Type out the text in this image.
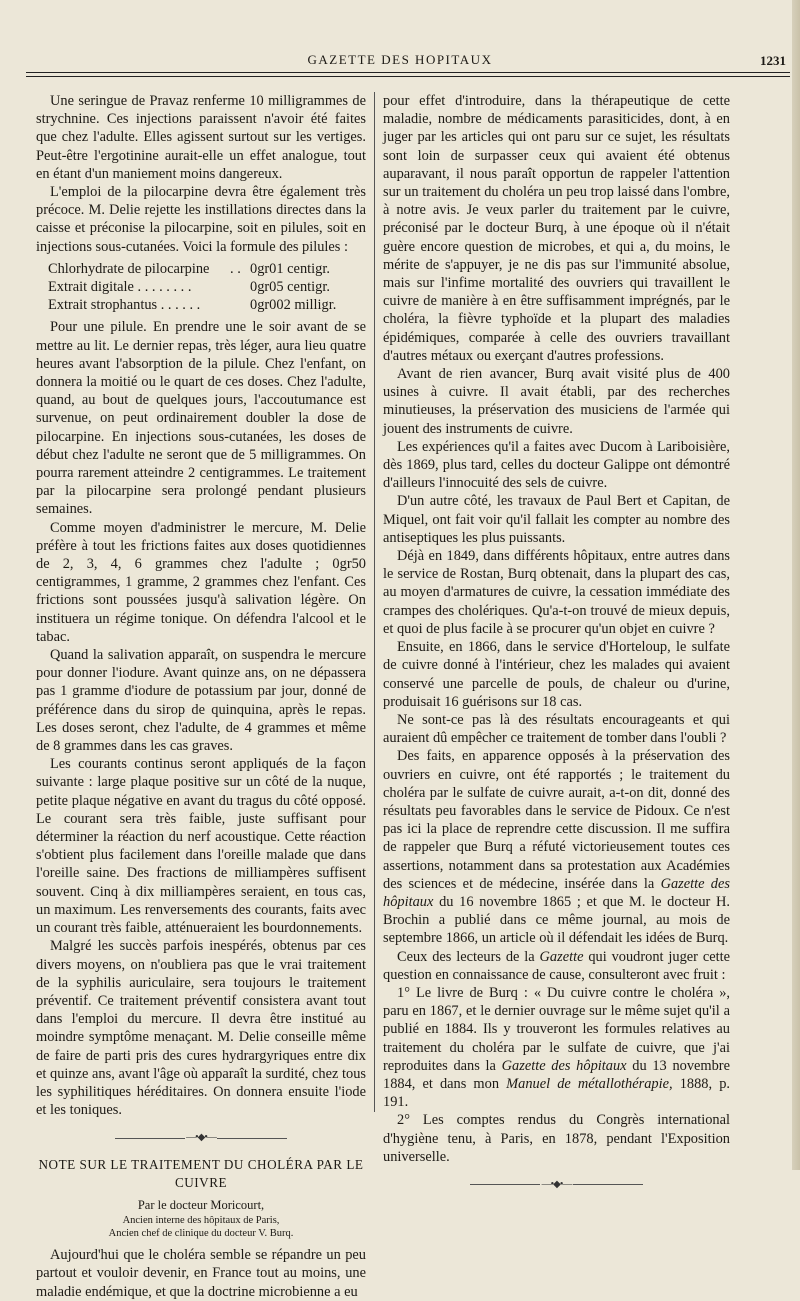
GAZETTE DES HOPITAUX	1231

Une seringue de Pravaz renferme 10 milligrammes de strychnine. Ces injections paraissent n'avoir été faites que chez l'adulte. Elles agissent surtout sur les vertiges. Peut-être l'ergotinine aurait-elle un effet analogue, tout en étant d'un maniement moins dangereux.

L'emploi de la pilocarpine devra être également très précoce. M. Delie rejette les instillations directes dans la caisse et préconise la pilocarpine, soit en pilules, soit en injections sous-cutanées. Voici la formule des pilules :

Chlorhydrate de pilocarpine	. . 0gr01 centigr.
Extrait digitale . . . . . . . .	0gr05 centigr.
Extrait strophantus . . . . . .	0gr002 milligr.

Pour une pilule. En prendre une le soir avant de se mettre au lit. Le dernier repas, très léger, aura lieu quatre heures avant l'absorption de la pilule. Chez l'enfant, on donnera la moitié ou le quart de ces doses. Chez l'adulte, quand, au bout de quelques jours, l'accoutumance est survenue, on peut ordinairement doubler la dose de pilocarpine. En injections sous-cutanées, les doses de début chez l'adulte ne seront que de 5 milligrammes. On pourra rarement atteindre 2 centigrammes. Le traitement par la pilocarpine sera prolongé pendant plusieurs semaines.

Comme moyen d'administrer le mercure, M. Delie préfère à tout les frictions faites aux doses quotidiennes de 2, 3, 4, 6 grammes chez l'adulte ; 0gr50 centigrammes, 1 gramme, 2 grammes chez l'enfant. Ces frictions sont poussées jusqu'à salivation légère. On instituera un régime tonique. On défendra l'alcool et le tabac.

Quand la salivation apparaît, on suspendra le mercure pour donner l'iodure. Avant quinze ans, on ne dépassera pas 1 gramme d'iodure de potassium par jour, donné de préférence dans du sirop de quinquina, après le repas. Les doses seront, chez l'adulte, de 4 grammes et même de 8 grammes dans les cas graves.

Les courants continus seront appliqués de la façon suivante : large plaque positive sur un côté de la nuque, petite plaque négative en avant du tragus du côté opposé. Le courant sera très faible, juste suffisant pour déterminer la réaction du nerf acoustique. Cette réaction s'obtient plus facilement dans l'oreille malade que dans l'oreille saine. Des fractions de milliampères suffisent souvent. Cinq à dix milliampères seraient, en tous cas, un maximum. Les renversements des courants, faits avec un courant très faible, atténueraient les bourdonnements.

Malgré les succès parfois inespérés, obtenus par ces divers moyens, on n'oubliera pas que le vrai traitement de la syphilis auriculaire, sera toujours le traitement préventif. Ce traitement préventif consistera avant tout dans l'emploi du mercure. Il devra être institué au moindre symptôme menaçant. M. Delie conseille même de faire de parti pris des cures hydrargyriques entre dix et quinze ans, avant l'âge où apparaît la surdité, chez tous les syphilitiques héréditaires. On donnera ensuite l'iode et les toniques.

—•◆•—
NOTE SUR LE TRAITEMENT DU CHOLÉRA PAR LE CUIVRE
Par le docteur Moricourt,
Ancien interne des hôpitaux de Paris,
Ancien chef de clinique du docteur V. Burq.

Aujourd'hui que le choléra semble se répandre un peu partout et vouloir devenir, en France tout au moins, une maladie endémique, et que la doctrine microbienne a eu

pour effet d'introduire, dans la thérapeutique de cette maladie, nombre de médicaments parasiticides, dont, à en juger par les articles qui ont paru sur ce sujet, les résultats sont loin de surpasser ceux qui avaient été obtenus auparavant, il nous paraît opportun de rappeler l'attention sur un traitement du choléra un peu trop laissé dans l'ombre, à notre avis. Je veux parler du traitement par le cuivre, préconisé par le docteur Burq, à une époque où il n'était guère encore question de microbes, et qui a, du moins, le mérite de s'appuyer, je ne dis pas sur l'immunité absolue, mais sur l'infime mortalité des ouvriers qui travaillent le cuivre de manière à en être suffisamment imprégnés, par le choléra, la fièvre typhoïde et la plupart des maladies épidémiques, comparée à celle des ouvriers travaillant d'autres métaux ou exerçant d'autres professions.

Avant de rien avancer, Burq avait visité plus de 400 usines à cuivre. Il avait établi, par des recherches minutieuses, la préservation des musiciens de l'armée qui jouent des instruments de cuivre.

Les expériences qu'il a faites avec Ducom à Lariboisière, dès 1869, plus tard, celles du docteur Galippe ont démontré d'ailleurs l'innocuité des sels de cuivre.

D'un autre côté, les travaux de Paul Bert et Capitan, de Miquel, ont fait voir qu'il fallait les compter au nombre des antiseptiques les plus puissants.

Déjà en 1849, dans différents hôpitaux, entre autres dans le service de Rostan, Burq obtenait, dans la plupart des cas, au moyen d'armatures de cuivre, la cessation immédiate des crampes des cholériques. Qu'a-t-on trouvé de mieux depuis, et quoi de plus facile à se procurer qu'un objet en cuivre ?

Ensuite, en 1866, dans le service d'Horteloup, le sulfate de cuivre donné à l'intérieur, chez les malades qui avaient conservé une parcelle de pouls, de chaleur ou d'urine, produisait 16 guérisons sur 18 cas.

Ne sont-ce pas là des résultats encourageants et qui auraient dû empêcher ce traitement de tomber dans l'oubli ?

Des faits, en apparence opposés à la préservation des ouvriers en cuivre, ont été rapportés ; le traitement du choléra par le sulfate de cuivre aurait, a-t-on dit, donné des résultats peu favorables dans le service de Pidoux. Ce n'est pas ici la place de reprendre cette discussion. Il me suffira de rappeler que Burq a réfuté victorieusement toutes ces assertions, notamment dans sa protestation aux Académies des sciences et de médecine, insérée dans la Gazette des hôpitaux du 16 novembre 1865 ; et que M. le docteur H. Brochin a publié dans ce même journal, au mois de septembre 1866, un article où il défendait les idées de Burq.

Ceux des lecteurs de la Gazette qui voudront juger cette question en connaissance de cause, consulteront avec fruit :

1° Le livre de Burq : « Du cuivre contre le choléra », paru en 1867, et le dernier ouvrage sur le même sujet qu'il a publié en 1884. Ils y trouveront les formules relatives au traitement du choléra par le sulfate de cuivre, que j'ai reproduites dans la Gazette des hôpitaux du 13 novembre 1884, et dans mon Manuel de métallothérapie, 1888, p. 191.

2° Les comptes rendus du Congrès international d'hygiène tenu, à Paris, en 1878, pendant l'Exposition universelle.

—•◆•—
